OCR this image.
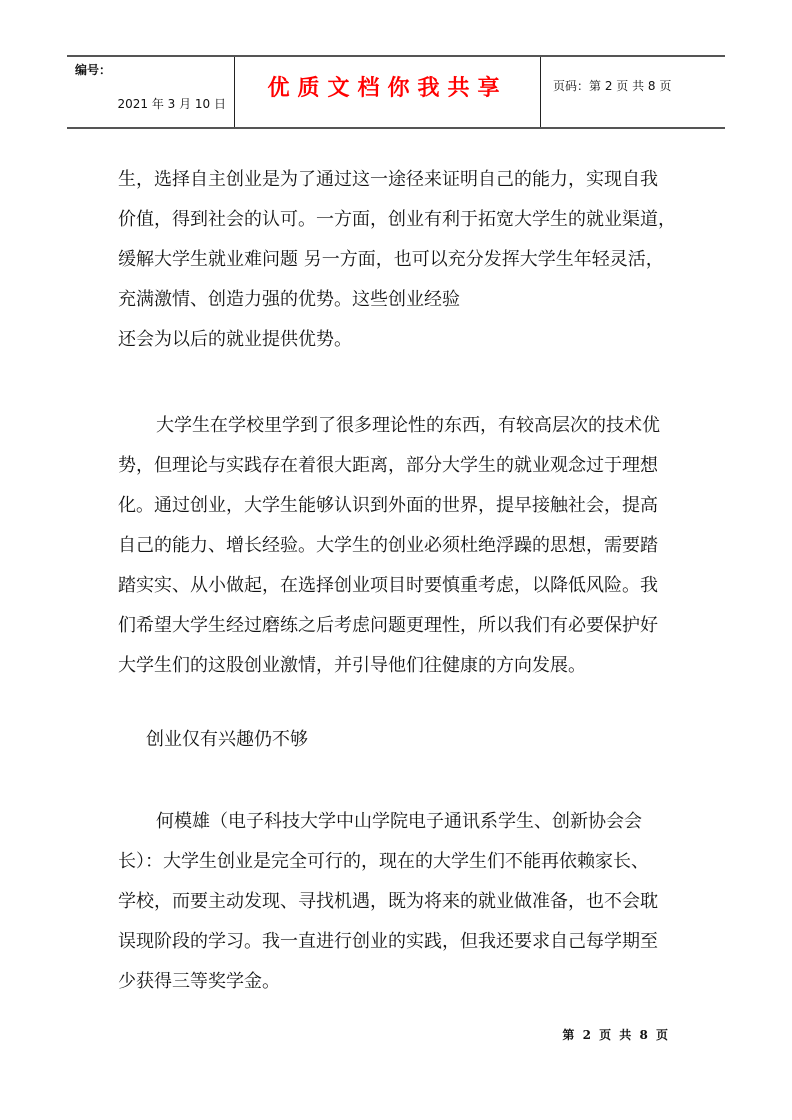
编号：
2021 年 3 月 10 日
优质文档你我共享	页码：第 2 页 共 8 页
生，选择自主创业是为了通过这一途径来证明自己的能力，实现自我
价值，得到社会的认可。一方面，创业有利于拓宽大学生的就业渠道，
缓解大学生就业难问题 另一方面，也可以充分发挥大学生年轻灵活，
充满激情、创造力强的优势。这些创业经验
还会为以后的就业提供优势。
大学生在学校里学到了很多理论性的东西，有较高层次的技术优
势，但理论与实践存在着很大距离，部分大学生的就业观念过于理想
化。通过创业，大学生能够认识到外面的世界，提早接触社会，提高
自己的能力、增长经验。大学生的创业必须杜绝浮躁的思想，需要踏
踏实实、从小做起，在选择创业项目时要慎重考虑，以降低风险。我
们希望大学生经过磨练之后考虑问题更理性，所以我们有必要保护好
大学生们的这股创业激情，并引导他们往健康的方向发展。
创业仅有兴趣仍不够
何模雄（电子科技大学中山学院电子通讯系学生、创新协会会
长）：大学生创业是完全可行的，现在的大学生们不能再依赖家长、
学校，而要主动发现、寻找机遇，既为将来的就业做准备，也不会耽
误现阶段的学习。我一直进行创业的实践，但我还要求自己每学期至
少获得三等奖学金。
第 2 页 共 8 页
